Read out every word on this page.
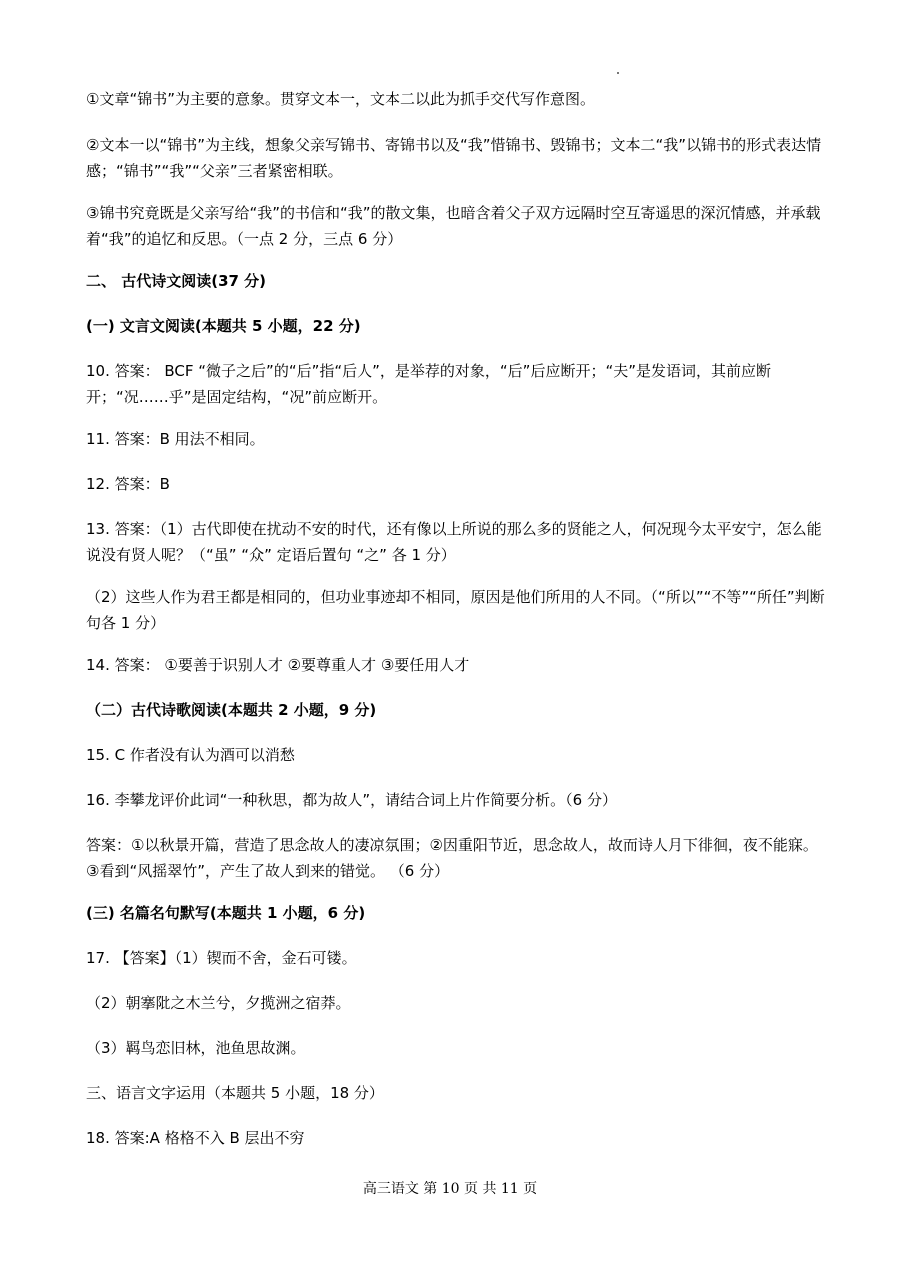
①文章“锦书”为主要的意象。贯穿文本一，文本二以此为抓手交代写作意图。

②文本一以“锦书”为主线，想象父亲写锦书、寄锦书以及“我”惜锦书、毁锦书；文本二“我”以锦书的形式表达情感；“锦书”“我”“父亲”三者紧密相联。

③锦书究竟既是父亲写给“我”的书信和“我”的散文集，也暗含着父子双方远隔时空互寄遥思的深沉情感，并承载着“我”的追忆和反思。（一点 2 分，三点 6 分）

二、 古代诗文阅读(37 分)

(一) 文言文阅读(本题共 5 小题，22 分)

10. 答案： BCF “微子之后”的“后”指“后人”，是举荐的对象，“后”后应断开；“夫”是发语词，其前应断开；“况……乎”是固定结构，“况”前应断开。

11. 答案：B 用法不相同。

12. 答案：B

13. 答案：（1）古代即使在扰动不安的时代，还有像以上所说的那么多的贤能之人，何况现今太平安宁，怎么能说没有贤人呢？（“虽” “众” 定语后置句 “之” 各 1 分）

（2）这些人作为君王都是相同的，但功业事迹却不相同，原因是他们所用的人不同。（“所以”“不等”“所任”判断句各 1 分）

14. 答案： ①要善于识别人才 ②要尊重人才 ③要任用人才

（二）古代诗歌阅读(本题共 2 小题，9 分)

15. C 作者没有认为酒可以消愁

16. 李攀龙评价此词“一种秋思，都为故人”，请结合词上片作简要分析。（6 分）

答案：①以秋景开篇，营造了思念故人的凄凉氛围；②因重阳节近，思念故人，故而诗人月下徘徊，夜不能寐。③看到“风摇翠竹”，产生了故人到来的错觉。 （6 分）

(三) 名篇名句默写(本题共 1 小题，6 分)

17. 【答案】（1）锲而不舍，金石可镂。

（2）朝搴阰之木兰兮，夕揽洲之宿莽。

（3）羁鸟恋旧林，池鱼思故渊。

三、语言文字运用（本题共 5 小题，18 分）

18. 答案:A 格格不入 B 层出不穷

高三语文 第 10 页 共 11 页
